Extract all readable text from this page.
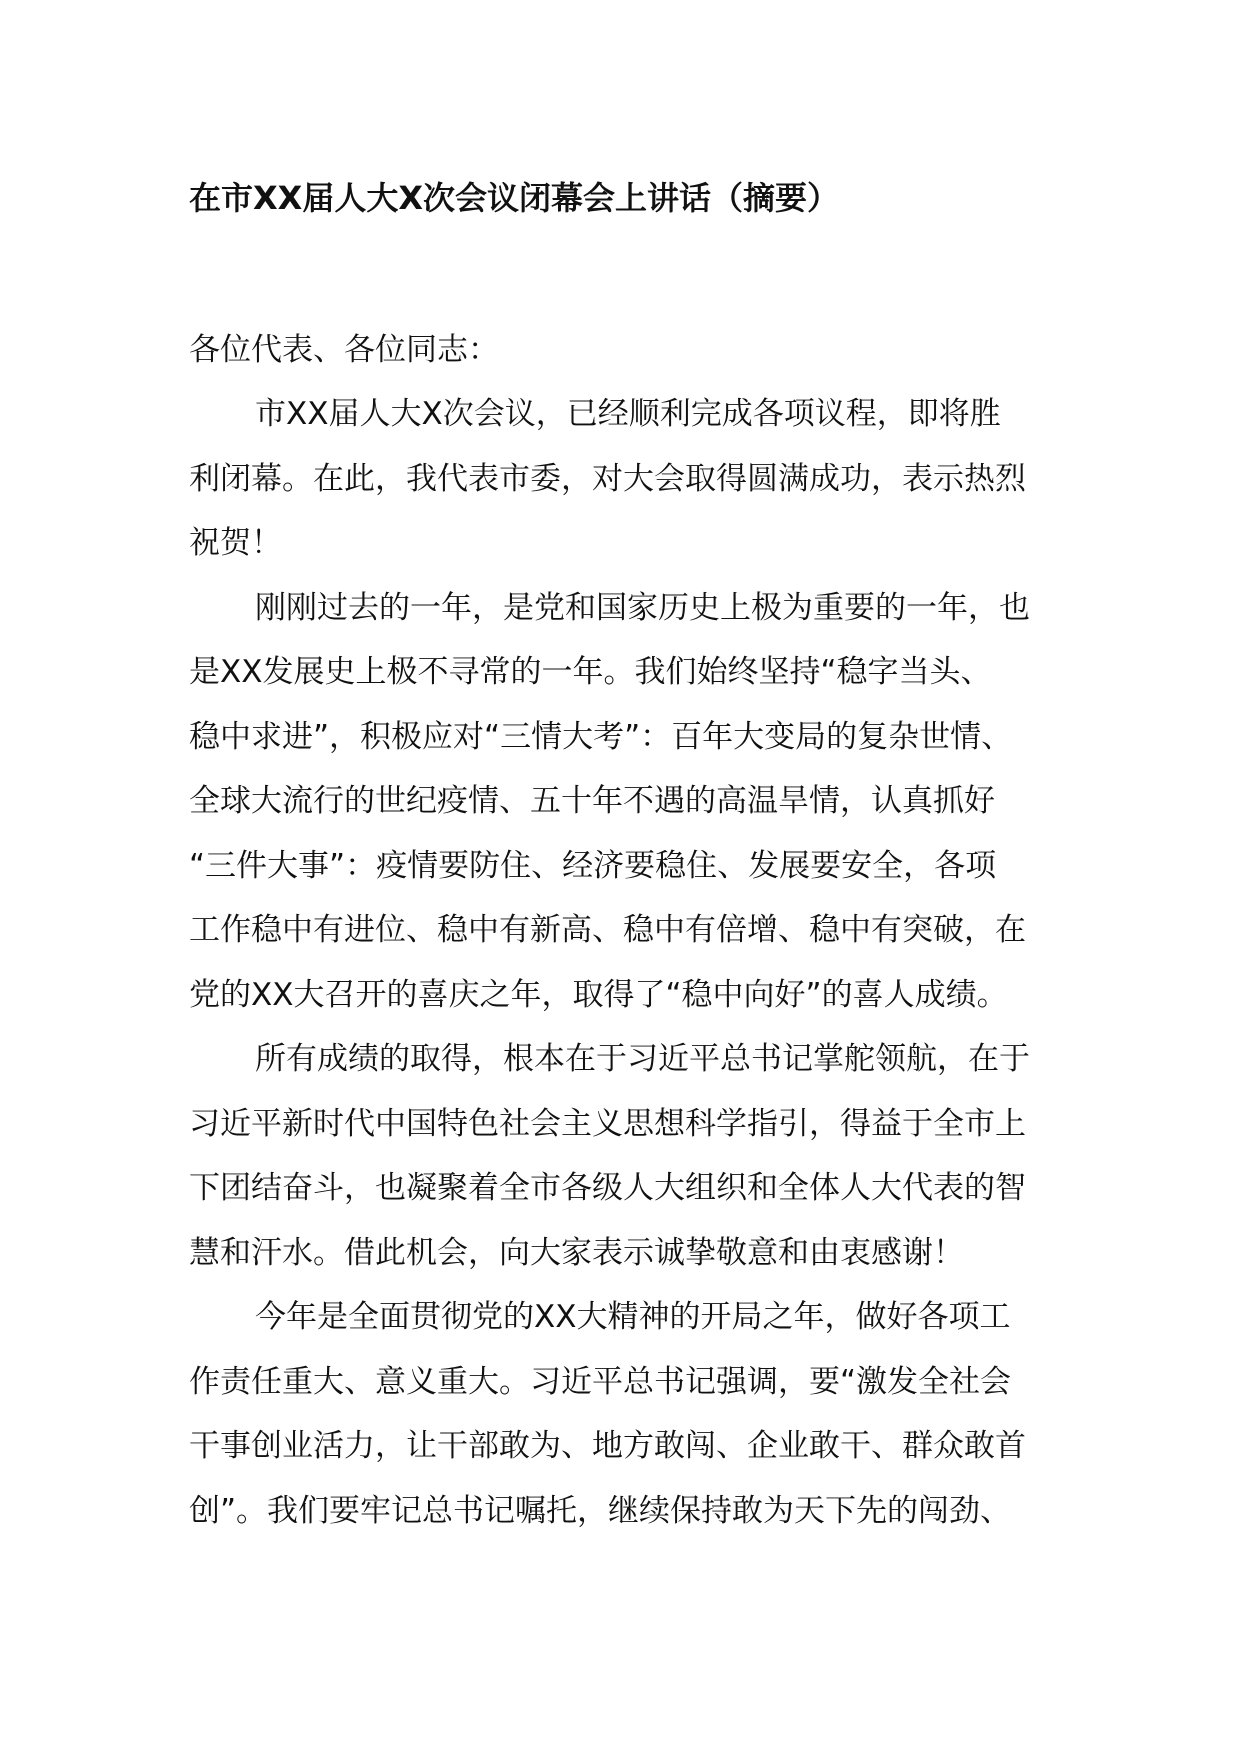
在市XX届人大X次会议闭幕会上讲话（摘要）
各位代表、各位同志：

市XX届人大X次会议，已经顺利完成各项议程，即将胜
利闭幕。在此，我代表市委，对大会取得圆满成功，表示热烈
祝贺！

刚刚过去的一年，是党和国家历史上极为重要的一年，也
是XX发展史上极不寻常的一年。我们始终坚持“稳字当头、
稳中求进”，积极应对“三情大考”：百年大变局的复杂世情、
全球大流行的世纪疫情、五十年不遇的高温旱情，认真抓好
“三件大事”：疫情要防住、经济要稳住、发展要安全，各项
工作稳中有进位、稳中有新高、稳中有倍增、稳中有突破，在
党的XX大召开的喜庆之年，取得了“稳中向好”的喜人成绩。

所有成绩的取得，根本在于习近平总书记掌舵领航，在于
习近平新时代中国特色社会主义思想科学指引，得益于全市上
下团结奋斗，也凝聚着全市各级人大组织和全体人大代表的智
慧和汗水。借此机会，向大家表示诚挚敬意和由衷感谢！

今年是全面贯彻党的XX大精神的开局之年，做好各项工
作责任重大、意义重大。习近平总书记强调，要“激发全社会
干事创业活力，让干部敢为、地方敢闯、企业敢干、群众敢首
创”。我们要牢记总书记嘱托，继续保持敢为天下先的闯劲、
